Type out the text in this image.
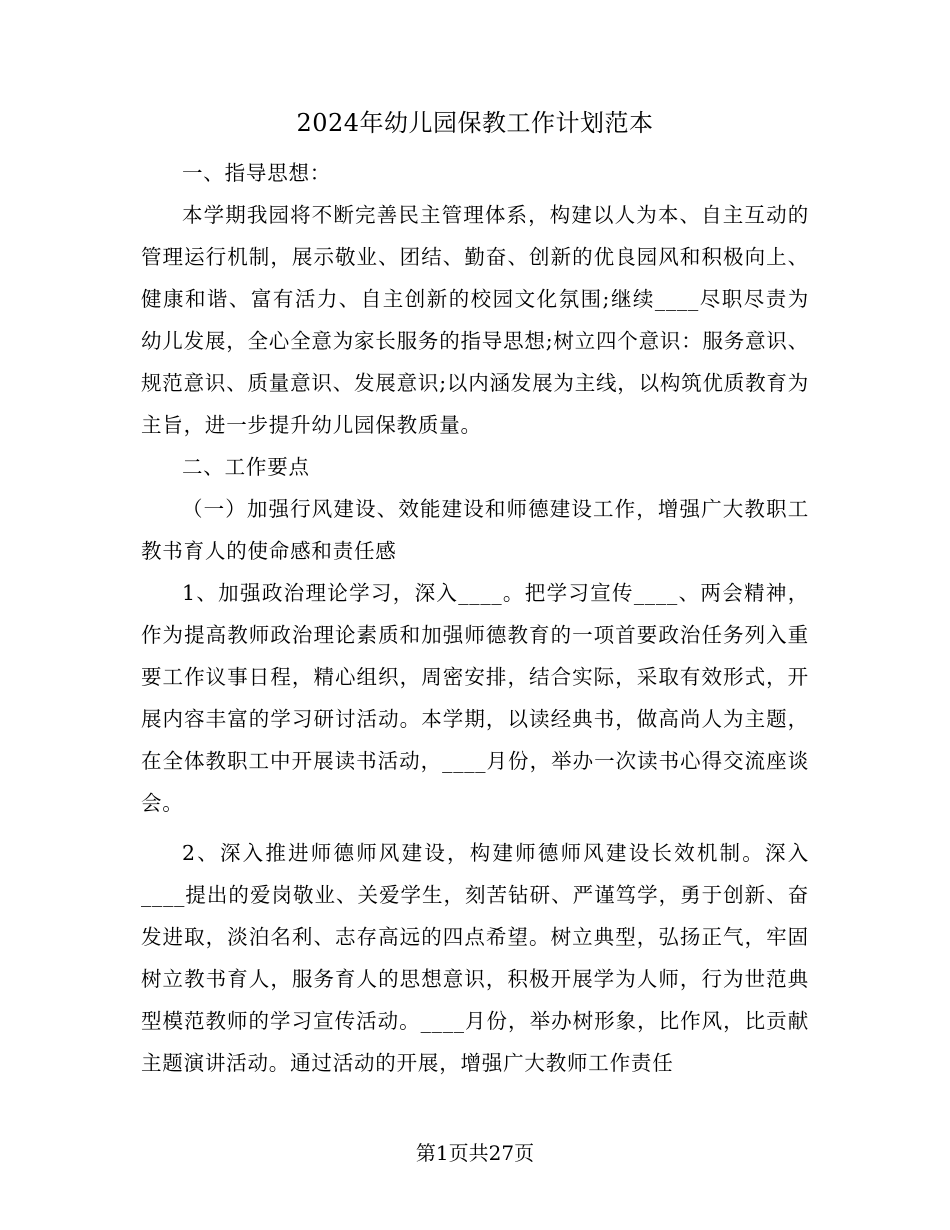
2024年幼儿园保教工作计划范本

一、指导思想：

本学期我园将不断完善民主管理体系，构建以人为本、自主互动的管理运行机制，展示敬业、团结、勤奋、创新的优良园风和积极向上、健康和谐、富有活力、自主创新的校园文化氛围;继续____尽职尽责为幼儿发展，全心全意为家长服务的指导思想;树立四个意识：服务意识、规范意识、质量意识、发展意识;以内涵发展为主线，以构筑优质教育为主旨，进一步提升幼儿园保教质量。

二、工作要点

（一）加强行风建设、效能建设和师德建设工作，增强广大教职工教书育人的使命感和责任感

1、加强政治理论学习，深入____。把学习宣传____、两会精神，作为提高教师政治理论素质和加强师德教育的一项首要政治任务列入重要工作议事日程，精心组织，周密安排，结合实际，采取有效形式，开展内容丰富的学习研讨活动。本学期，以读经典书，做高尚人为主题，在全体教职工中开展读书活动，____月份，举办一次读书心得交流座谈会。

2、深入推进师德师风建设，构建师德师风建设长效机制。深入____提出的爱岗敬业、关爱学生，刻苦钻研、严谨笃学，勇于创新、奋发进取，淡泊名利、志存高远的四点希望。树立典型，弘扬正气，牢固树立教书育人，服务育人的思想意识，积极开展学为人师，行为世范典型模范教师的学习宣传活动。____月份，举办树形象，比作风，比贡献主题演讲活动。通过活动的开展，增强广大教师工作责任

第1页共27页
